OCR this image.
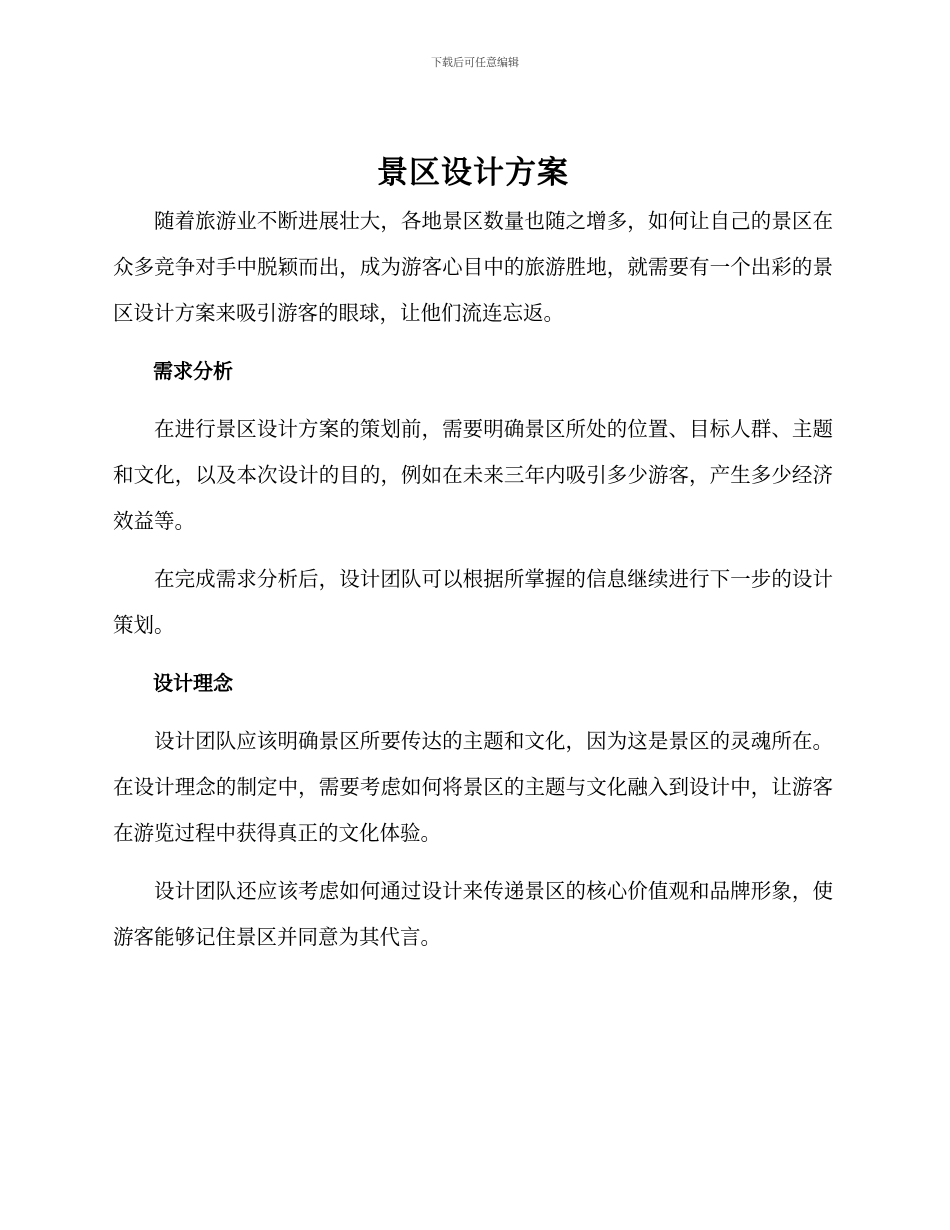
下载后可任意编辑
景区设计方案

随着旅游业不断进展壮大，各地景区数量也随之增多，如何让自己的景区在众多竞争对手中脱颖而出，成为游客心目中的旅游胜地，就需要有一个出彩的景区设计方案来吸引游客的眼球，让他们流连忘返。

需求分析

在进行景区设计方案的策划前，需要明确景区所处的位置、目标人群、主题和文化，以及本次设计的目的，例如在未来三年内吸引多少游客，产生多少经济效益等。

在完成需求分析后，设计团队可以根据所掌握的信息继续进行下一步的设计策划。

设计理念

设计团队应该明确景区所要传达的主题和文化，因为这是景区的灵魂所在。在设计理念的制定中，需要考虑如何将景区的主题与文化融入到设计中，让游客在游览过程中获得真正的文化体验。

设计团队还应该考虑如何通过设计来传递景区的核心价值观和品牌形象，使游客能够记住景区并同意为其代言。
